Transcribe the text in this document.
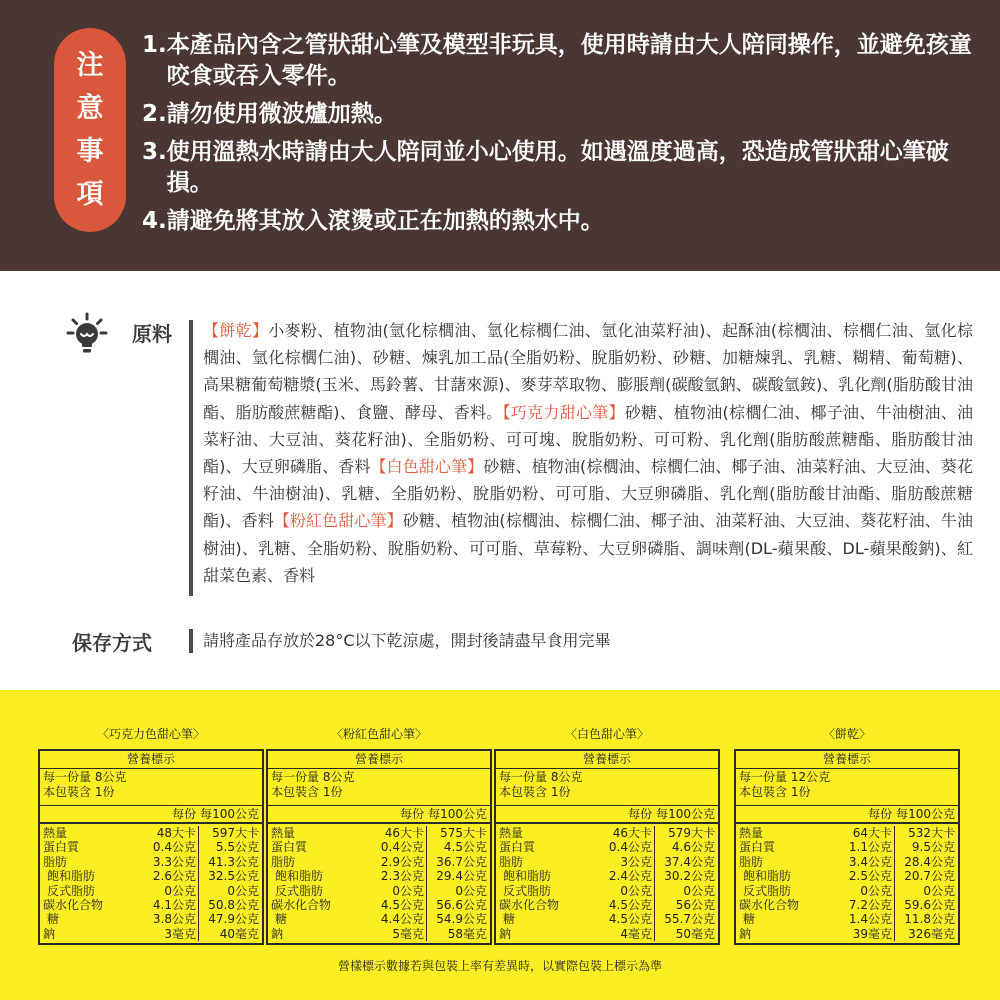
注
意
事
項
1. 本產品內含之管狀甜心筆及模型非玩具，使用時請由大人陪同操作，並避免孩童咬食或吞入零件。
2. 請勿使用微波爐加熱。
3. 使用溫熱水時請由大人陪同並小心使用。如遇溫度過高，恐造成管狀甜心筆破損。
4. 請避免將其放入滾燙或正在加熱的熱水中。
原料 【餅乾】小麥粉、植物油(氫化棕櫚油、氫化棕櫚仁油、氫化油菜籽油)、起酥油(棕櫚油、棕櫚仁油、氫化棕櫚油、氫化棕櫚仁油)、砂糖、煉乳加工品(全脂奶粉、脫脂奶粉、砂糖、加糖煉乳、乳糖、糊精、葡萄糖)、高果糖葡萄糖漿(玉米、馬鈴薯、甘藷來源)、麥芽萃取物、膨脹劑(碳酸氫鈉、碳酸氫銨)、乳化劑(脂肪酸甘油酯、脂肪酸蔗糖酯)、食鹽、酵母、香料。【巧克力甜心筆】砂糖、植物油(棕櫚仁油、椰子油、牛油樹油、油菜籽油、大豆油、葵花籽油)、全脂奶粉、可可塊、脫脂奶粉、可可粉、乳化劑(脂肪酸蔗糖酯、脂肪酸甘油酯)、大豆卵磷脂、香料【白色甜心筆】砂糖、植物油(棕櫚油、棕櫚仁油、椰子油、油菜籽油、大豆油、葵花籽油、牛油樹油)、乳糖、全脂奶粉、脫脂奶粉、可可脂、大豆卵磷脂、乳化劑(脂肪酸甘油酯、脂肪酸蔗糖酯)、香料【粉紅色甜心筆】砂糖、植物油(棕櫚油、棕櫚仁油、椰子油、油菜籽油、大豆油、葵花籽油、牛油樹油)、乳糖、全脂奶粉、脫脂奶粉、可可脂、草莓粉、大豆卵磷脂、調味劑(DL-蘋果酸、DL-蘋果酸鈉)、紅甜菜色素、香料

保存方式	請將產品存放於28°C以下乾涼處，開封後請盡早食用完畢
〈巧克力色甜心筆〉
營養標示
每一份量 8公克
本包裝含 1份
每份 每100公克
熱量	48大卡	597大卡
蛋白質	0.4公克	5.5公克
脂肪	3.3公克	41.3公克
飽和脂肪	2.6公克	32.5公克
反式脂肪	0公克	0公克
碳水化合物	4.1公克	50.8公克
糖	3.8公克	47.9公克
鈉	3毫克	40毫克
〈粉紅色甜心筆〉
營養標示
每一份量 8公克
本包裝含 1份
每份 每100公克
熱量	46大卡	575大卡
蛋白質	0.4公克	4.5公克
脂肪	2.9公克	36.7公克
飽和脂肪	2.3公克	29.4公克
反式脂肪	0公克	0公克
碳水化合物	4.5公克	56.6公克
糖	4.4公克	54.9公克
鈉	5毫克	58毫克
〈白色甜心筆〉
營養標示
每一份量 8公克
本包裝含 1份
每份 每100公克
熱量	46大卡	579大卡
蛋白質	0.4公克	4.6公克
脂肪	3公克	37.4公克
飽和脂肪	2.4公克	30.2公克
反式脂肪	0公克	0公克
碳水化合物	4.5公克	56公克
糖	4.5公克	55.7公克
鈉	4毫克	50毫克
〈餅乾〉
營養標示
每一份量 12公克
本包裝含 1份
每份 每100公克
熱量	64大卡	532大卡
蛋白質	1.1公克	9.5公克
脂肪	3.4公克	28.4公克
飽和脂肪	2.5公克	20.7公克
反式脂肪	0公克	0公克
碳水化合物	7.2公克	59.6公克
糖	1.4公克	11.8公克
鈉	39毫克	326毫克
營樣標示數據若與包裝上率有差異時，以實際包裝上標示為準
